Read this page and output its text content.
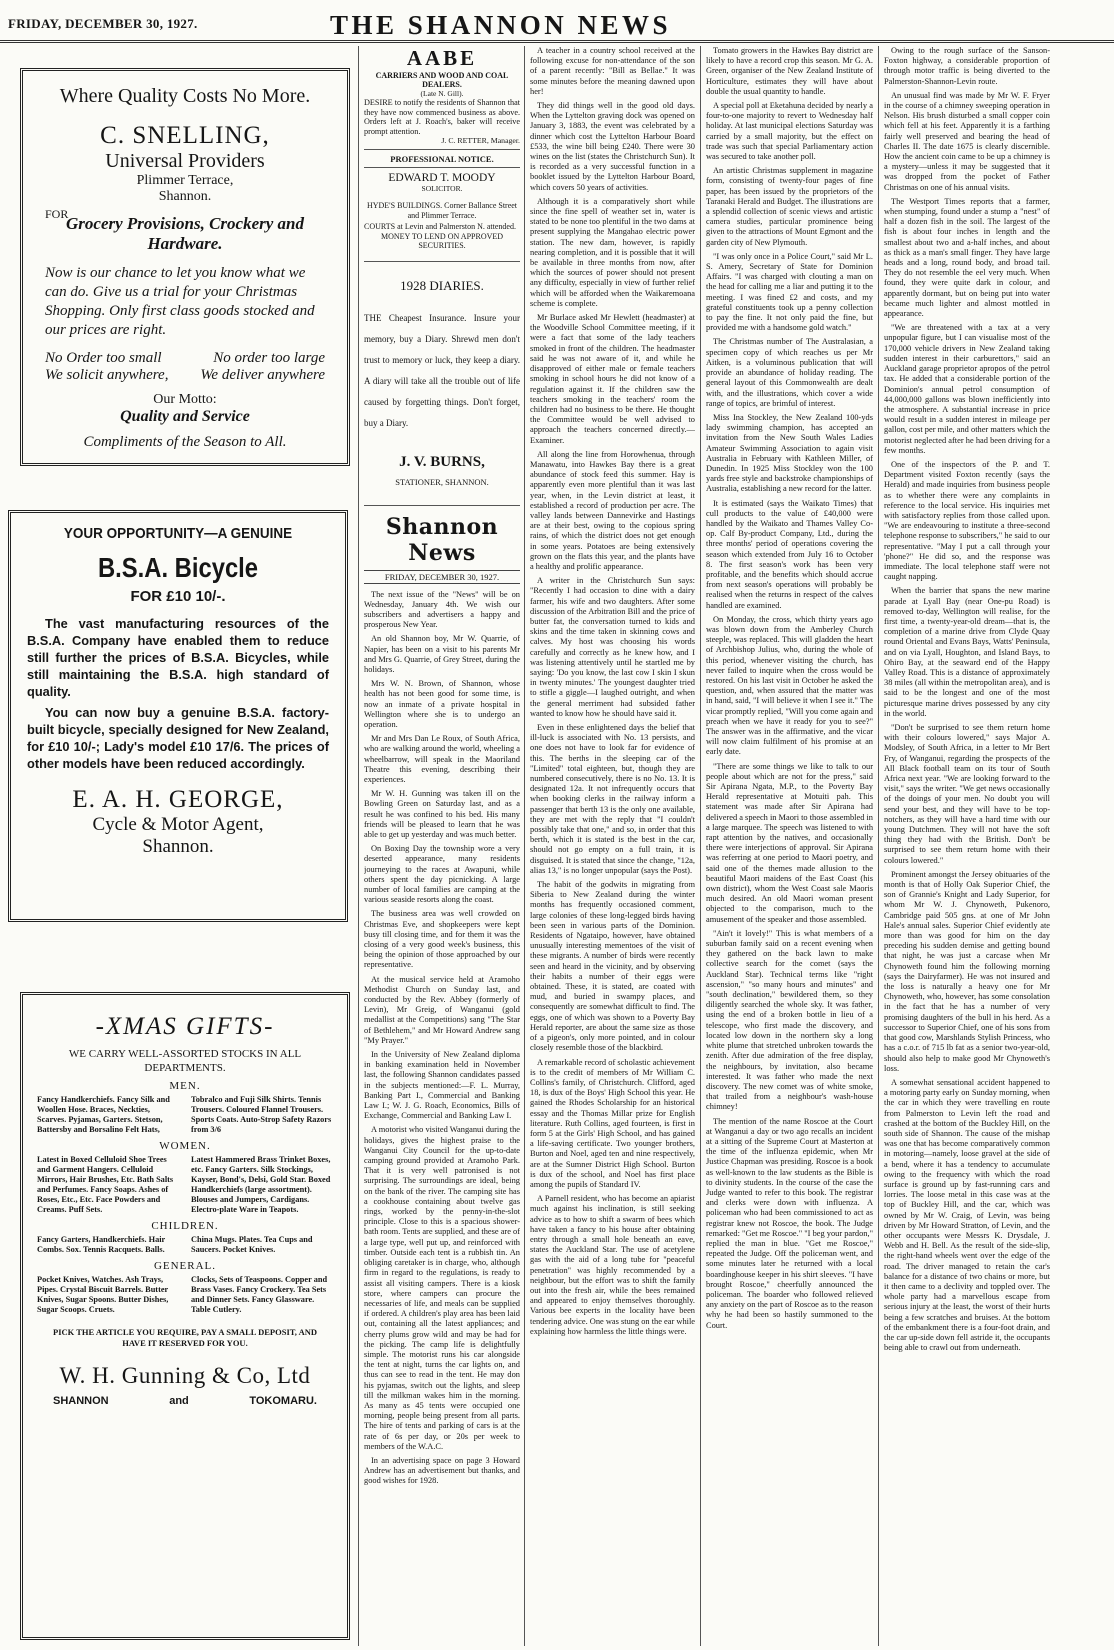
FRIDAY, DECEMBER 30, 1927.	THE SHANNON NEWS
Where Quality Costs No More.
C. SNELLING,
Universal Providers
Plimmer Terrace,
Shannon.
FOR
Grocery Provisions, Crockery and Hardware.
Now is our chance to let you know what we can do. Give us a trial for your Christmas Shopping. Only first class goods stocked and our prices are right.
No Order too small	No order too large
We solicit anywhere, We deliver anywhere
Our Motto:
Quality and Service
Compliments of the Season to All.
YOUR OPPORTUNITY—A GENUINE
B.S.A. Bicycle
FOR £10 10/-.
The vast manufacturing resources of the B.S.A. Company have enabled them to reduce still further the prices of B.S.A. Bicycles, while still maintaining the B.S.A. high standard of quality.
You can now buy a genuine B.S.A. factory-built bicycle, specially designed for New Zealand, for £10 10/-; Lady's model £10 17/6. The prices of other models have been reduced accordingly.
E. A. H. GEORGE,
Cycle & Motor Agent,
Shannon.
-XMAS GIFTS-
WE CARRY WELL-ASSORTED STOCKS IN ALL DEPARTMENTS.
MEN.
Fancy Handkerchiefs. Fancy Silk and Woollen Hose. Braces, Neckties, Scarves. Pyjamas, Garters. Stetson, Battersby and Borsalino Felt Hats,
Tobralco and Fuji Silk Shirts. Tennis Trousers. Coloured Flannel Trousers. Sports Coats. Auto-Strop Safety Razors from 3/6
WOMEN.
Latest in Boxed Celluloid Shoe Trees and Garment Hangers. Celluloid Mirrors, Hair Brushes, Etc. Bath Salts and Perfumes. Fancy Soaps. Ashes of Roses, Etc., Etc. Face Powders and Creams. Puff Sets.
Latest Hammered Brass Trinket Boxes, etc. Fancy Garters. Silk Stockings, Kayser, Bond's, Delsi, Gold Star. Boxed Handkerchiefs (large assortment). Blouses and Jumpers, Cardigans. Electro-plate Ware in Teapots.
CHILDREN.
Fancy Garters, Handkerchiefs. Hair Combs. Sox. Tennis Racquets. Balls.
China Mugs. Plates. Tea Cups and Saucers. Pocket Knives.
GENERAL.
Pocket Knives, Watches. Ash Trays, Pipes. Crystal Biscuit Barrels. Butter Knives, Sugar Spoons. Butter Dishes, Sugar Scoops. Cruets.
Clocks, Sets of Teaspoons. Copper and Brass Vases. Fancy Crockery. Tea Sets and Dinner Sets. Fancy Glassware. Table Cutlery.
PICK THE ARTICLE YOU REQUIRE, PAY A SMALL DEPOSIT, AND HAVE IT RESERVED FOR YOU.
W. H. Gunning & Co, Ltd
SHANNON	and	TOKOMARU.
AABE
CARRIERS AND WOOD AND COAL DEALERS.
(Late N. Gill).
DESIRE to notify the residents of Shannon that they have now commenced business as above. Orders left at J. Roach's, baker will receive prompt attention.
J. C. RETTER, Manager.
PROFESSIONAL NOTICE.
EDWARD T. MOODY
SOLICITOR.
HYDE'S BUILDINGS. Corner Ballance Street and Plimmer Terrace.
COURTS at Levin and Palmerston N. attended.
MONEY TO LEND ON APPROVED SECURITIES.
1928 DIARIES.
THE Cheapest Insurance. Insure your memory, buy a Diary. Shrewd men don't trust to memory or luck, they keep a diary. A diary will take all the trouble out of life caused by forgetting things. Don't forget, buy a Diary.
J. V. BURNS,
STATIONER, SHANNON.
Shannon News
FRIDAY, DECEMBER 30, 1927.

The next issue of the "News" will be on Wednesday, January 4th. We wish our subscribers and advertisers a happy and prosperous New Year.

An old Shannon boy, Mr W. Quarrie, of Napier, has been on a visit to his parents Mr and Mrs G. Quarrie, of Grey Street, during the holidays.

Mrs W. N. Brown, of Shannon, whose health has not been good for some time, is now an inmate of a private hospital in Wellington where she is to undergo an operation.

Mr and Mrs Dan Le Roux, of South Africa, who are walking around the world, wheeling a wheelbarrow, will speak in the Maoriland Theatre this evening, describing their experiences.

Mr W. H. Gunning was taken ill on the Bowling Green on Saturday last, and as a result he was confined to his bed. His many friends will be pleased to learn that he was able to get up yesterday and was much better.

On Boxing Day the township wore a very deserted appearance, many residents journeying to the races at Awapuni, while others spent the day picnicking. A large number of local families are camping at the various seaside resorts along the coast.

The business area was well crowded on Christmas Eve, and shopkeepers were kept busy till closing time, and for them it was the closing of a very good week's business, this being the opinion of those approached by our representative.

At the musical service held at Aramoho Methodist Church on Sunday last, and conducted by the Rev. Abbey (formerly of Levin), Mr Greig, of Wanganui (gold medallist at the Competitions) sang "The Star of Bethlehem," and Mr Howard Andrew sang "My Prayer."

In the University of New Zealand diploma in banking examination held in November last, the following Shannon candidates passed in the subjects mentioned:—F. L. Murray, Banking Part I., Commercial and Banking Law I.; W. J. G. Roach, Economics, Bills of Exchange, Commercial and Banking Law I.

A motorist who visited Wanganui during the holidays, gives the highest praise to the Wanganui City Council for the up-to-date camping ground provided at Aramoho Park. That it is very well patronised is not surprising. The surroundings are ideal, being on the bank of the river. The camping site has a cookhouse containing about twelve gas rings, worked by the penny-in-the-slot principle. Close to this is a spacious shower-bath room. Tents are supplied, and these are of a large type, well put up, and reinforced with timber. Outside each tent is a rubbish tin. An obliging caretaker is in charge, who, although firm in regard to the regulations, is ready to assist all visiting campers. There is a kiosk store, where campers can procure the necessaries of life, and meals can be supplied if ordered. A children's play area has been laid out, containing all the latest appliances; and cherry plums grow wild and may be had for the picking. The camp life is delightfully simple. The motorist runs his car alongside the tent at night, turns the car lights on, and thus can see to read in the tent. He may don his pyjamas, switch out the lights, and sleep till the milkman wakes him in the morning. As many as 45 tents were occupied one morning, people being present from all parts. The hire of tents and parking of cars is at the rate of 6s per day, or 20s per week to members of the W.A.C.

In an advertising space on page 3 Howard Andrew has an advertisement but thanks, and good wishes for 1928.

A teacher in a country school received at the following excuse for non-attendance of the son of a parent recently: "Bill as Bellae." It was some minutes before the meaning dawned upon her!

They did things well in the good old days. When the Lyttelton graving dock was opened on January 3, 1883, the event was celebrated by a dinner which cost the Lyttelton Harbour Board £533, the wine bill being £240. There were 30 wines on the list (states the Christchurch Sun). It is recorded as a very successful function in a booklet issued by the Lyttelton Harbour Board, which covers 50 years of activities.

Although it is a comparatively short while since the fine spell of weather set in, water is stated to be none too plentiful in the two dams at present supplying the Mangahao electric power station. The new dam, however, is rapidly nearing completion, and it is possible that it will be available in three months from now, after which the sources of power should not present any difficulty, especially in view of further relief which will be afforded when the Waikaremoana scheme is complete.

Mr Burlace asked Mr Hewlett (headmaster) at the Woodville School Committee meeting, if it were a fact that some of the lady teachers smoked in front of the children. The headmaster said he was not aware of it, and while he disapproved of either male or female teachers smoking in school hours he did not know of a regulation against it. If the children saw the teachers smoking in the teachers' room the children had no business to be there. He thought the Committee would be well advised to approach the teachers concerned directly.—Examiner.

All along the line from Horowhenua, through Manawatu, into Hawkes Bay there is a great abundance of stock feed this summer. Hay is apparently even more plentiful than it was last year, when, in the Levin district at least, it established a record of production per acre. The valley lands between Dannevirke and Hastings are at their best, owing to the copious spring rains, of which the district does not get enough in some years. Potatoes are being extensively grown on the flats this year, and the plants have a healthy and prolific appearance.

A writer in the Christchurch Sun says: "Recently I had occasion to dine with a dairy farmer, his wife and two daughters. After some discussion of the Arbitration Bill and the price of butter fat, the conversation turned to kids and skins and the time taken in skinning cows and calves. My host was choosing his words carefully and correctly as he knew how, and I was listening attentively until he startled me by saying: 'Do you know, the last cow I skin I skun in twenty minutes.' The youngest daughter tried to stifle a giggle—I laughed outright, and when the general merriment had subsided father wanted to know how he should have said it.

Even in these enlightened days the belief that ill-luck is associated with No. 13 persists, and one does not have to look far for evidence of this. The berths in the sleeping car of the "Limited" total eighteen, but, though they are numbered consecutively, there is no No. 13. It is designated 12a. It not infrequently occurs that when booking clerks in the railway inform a passenger that berth 13 is the only one available, they are met with the reply that "I couldn't possibly take that one," and so, in order that this berth, which it is stated is the best in the car, should not go empty on a full train, it is disguised. It is stated that since the change, "12a, alias 13," is no longer unpopular (says the Post).

The habit of the godwits in migrating from Siberia to New Zealand during the winter months has frequently occasioned comment, large colonies of these long-legged birds having been seen in various parts of the Dominion. Residents of Ngataipo, however, have obtained unusually interesting mementoes of the visit of these migrants. A number of birds were recently seen and heard in the vicinity, and by observing their habits a number of their eggs were obtained. These, it is stated, are coated with mud, and buried in swampy places, and consequently are somewhat difficult to find. The eggs, one of which was shown to a Poverty Bay Herald reporter, are about the same size as those of a pigeon's, only more pointed, and in colour closely resemble those of the blackbird.

A remarkable record of scholastic achievement is to the credit of members of Mr William C. Collins's family, of Christchurch. Clifford, aged 18, is dux of the Boys' High School this year. He gained the Rhodes Scholarship for an historical essay and the Thomas Millar prize for English literature. Ruth Collins, aged fourteen, is first in form 5 at the Girls' High School, and has gained a life-saving certificate. Two younger brothers, Burton and Noel, aged ten and nine respectively, are at the Sumner District High School. Burton is dux of the school, and Noel has first place among the pupils of Standard IV.

A Parnell resident, who has become an apiarist much against his inclination, is still seeking advice as to how to shift a swarm of bees which have taken a fancy to his house after obtaining entry through a small hole beneath an eave, states the Auckland Star. The use of acetylene gas with the aid of a long tube for "peaceful penetration" was highly recommended by a neighbour, but the effort was to shift the family out into the fresh air, while the bees remained and appeared to enjoy themselves thoroughly. Various bee experts in the locality have been tendering advice. One was stung on the ear while explaining how harmless the little things were.

Tomato growers in the Hawkes Bay district are likely to have a record crop this season. Mr G. A. Green, organiser of the New Zealand Institute of Horticulture, estimates they will have about double the usual quantity to handle.

A special poll at Eketahuna decided by nearly a four-to-one majority to revert to Wednesday half holiday. At last municipal elections Saturday was carried by a small majority, but the effect on trade was such that special Parliamentary action was secured to take another poll.

An artistic Christmas supplement in magazine form, consisting of twenty-four pages of fine paper, has been issued by the proprietors of the Taranaki Herald and Budget. The illustrations are a splendid collection of scenic views and artistic camera studies, particular prominence being given to the attractions of Mount Egmont and the garden city of New Plymouth.

"I was only once in a Police Court," said Mr L. S. Amery, Secretary of State for Dominion Affairs. "I was charged with clouting a man on the head for calling me a liar and putting it to the meeting. I was fined £2 and costs, and my grateful constituents took up a penny collection to pay the fine. It not only paid the fine, but provided me with a handsome gold watch."

The Christmas number of The Australasian, a specimen copy of which reaches us per Mr Aitken, is a voluminous publication that will provide an abundance of holiday reading. The general layout of this Commonwealth are dealt with, and the illustrations, which cover a wide range of topics, are brimful of interest.

Miss Ina Stockley, the New Zealand 100-yds lady swimming champion, has accepted an invitation from the New South Wales Ladies Amateur Swimming Association to again visit Australia in February with Kathleen Miller, of Dunedin. In 1925 Miss Stockley won the 100 yards free style and backstroke championships of Australia, establishing a new record for the latter.

It is estimated (says the Waikato Times) that cull products to the value of £40,000 were handled by the Waikato and Thames Valley Co-op. Calf By-product Company, Ltd., during the three months' period of operations covering the season which extended from July 16 to October 8. The first season's work has been very profitable, and the benefits which should accrue from next season's operations will probably be realised when the returns in respect of the calves handled are examined.

On Monday, the cross, which thirty years ago was blown down from the Amberley Church steeple, was replaced. This will gladden the heart of Archbishop Julius, who, during the whole of this period, whenever visiting the church, has never failed to inquire when the cross would be restored. On his last visit in October he asked the question, and, when assured that the matter was in hand, said, "I will believe it when I see it." The vicar promptly replied, "Will you come again and preach when we have it ready for you to see?" The answer was in the affirmative, and the vicar will now claim fulfilment of his promise at an early date.

"There are some things we like to talk to our people about which are not for the press," said Sir Apirana Ngata, M.P., to the Poverty Bay Herald representative at Motuiti pah. This statement was made after Sir Apirana had delivered a speech in Maori to those assembled in a large marquee. The speech was listened to with rapt attention by the natives, and occasionally there were interjections of approval. Sir Apirana was referring at one period to Maori poetry, and said one of the themes made allusion to the beautiful Maori maidens of the East Coast (his own district), whom the West Coast sale Maoris much desired. An old Maori woman present objected to the comparison, much to the amusement of the speaker and those assembled.

"Ain't it lovely!" This is what members of a suburban family said on a recent evening when they gathered on the back lawn to make collective search for the comet (says the Auckland Star). Technical terms like "right ascension," "so many hours and minutes" and "south declination," bewildered them, so they diligently searched the whole sky. It was father, using the end of a broken bottle in lieu of a telescope, who first made the discovery, and located low down in the northern sky a long white plume that stretched unbroken towards the zenith. After due admiration of the free display, the neighbours, by invitation, also became interested. It was father who made the next discovery. The new comet was of white smoke, that trailed from a neighbour's wash-house chimney!

The mention of the name Roscoe at the Court at Wanganui a day or two ago recalls an incident at a sitting of the Supreme Court at Masterton at the time of the influenza epidemic, when Mr Justice Chapman was presiding. Roscoe is a book as well-known to the law students as the Bible is to divinity students. In the course of the case the Judge wanted to refer to this book. The registrar and clerks were down with influenza. A policeman who had been commissioned to act as registrar knew not Roscoe, the book. The Judge remarked: "Get me Roscoe." "I beg your pardon," replied the man in blue. "Get me Roscoe," repeated the Judge. Off the policeman went, and some minutes later he returned with a local boardinghouse keeper in his shirt sleeves. "I have brought Roscoe," cheerfully announced the policeman. The boarder who followed relieved any anxiety on the part of Roscoe as to the reason why he had been so hastily summoned to the Court.

Owing to the rough surface of the Sanson-Foxton highway, a considerable proportion of through motor traffic is being diverted to the Palmerston-Shannon-Levin route.

An unusual find was made by Mr W. F. Fryer in the course of a chimney sweeping operation in Nelson. His brush disturbed a small copper coin which fell at his feet. Apparently it is a farthing fairly well preserved and bearing the head of Charles II. The date 1675 is clearly discernible. How the ancient coin came to be up a chimney is a mystery—unless it may be suggested that it was dropped from the pocket of Father Christmas on one of his annual visits.

The Westport Times reports that a farmer, when stumping, found under a stump a "nest" of half a dozen fish in the soil. The largest of the fish is about four inches in length and the smallest about two and a-half inches, and about as thick as a man's small finger. They have large heads and a long, round body, and broad tail. They do not resemble the eel very much. When found, they were quite dark in colour, and apparently dormant, but on being put into water became much lighter and almost mottled in appearance.

"We are threatened with a tax at a very unpopular figure, but I can visualise most of the 170,000 vehicle drivers in New Zealand taking sudden interest in their carburettors," said an Auckland garage proprietor apropos of the petrol tax. He added that a considerable portion of the Dominion's annual petrol consumption of 44,000,000 gallons was blown inefficiently into the atmosphere. A substantial increase in price would result in a sudden interest in mileage per gallon, cost per mile, and other matters which the motorist neglected after he had been driving for a few months.

One of the inspectors of the P. and T. Department visited Foxton recently (says the Herald) and made inquiries from business people as to whether there were any complaints in reference to the local service. His inquiries met with satisfactory replies from those called upon. "We are endeavouring to institute a three-second telephone response to subscribers," he said to our representative. "May I put a call through your 'phone?" He did so, and the response was immediate. The local telephone staff were not caught napping.

When the barrier that spans the new marine parade at Lyall Bay (near One-pu Road) is removed to-day, Wellington will realise, for the first time, a twenty-year-old dream—that is, the completion of a marine drive from Clyde Quay round Oriental and Evans Bays, Watts' Peninsula, and on via Lyall, Houghton, and Island Bays, to Ohiro Bay, at the seaward end of the Happy Valley Road. This is a distance of approximately 38 miles (all within the metropolitan area), and is said to be the longest and one of the most picturesque marine drives possessed by any city in the world.

"Don't be surprised to see them return home with their colours lowered," says Major A. Modsley, of South Africa, in a letter to Mr Bert Fry, of Wanganui, regarding the prospects of the All Black football team on its tour of South Africa next year. "We are looking forward to the visit," says the writer. "We get news occasionally of the doings of your men. No doubt you will send your best, and they will have to be top-notchers, as they will have a hard time with our young Dutchmen. They will not have the soft thing they had with the British. Don't be surprised to see them return home with their colours lowered."

Prominent amongst the Jersey obituaries of the month is that of Holly Oak Superior Chief, the son of Grannie's Knight and Lady Superior, for whom Mr W. J. Chynoweth, Pukenoro, Cambridge paid 505 gns. at one of Mr John Hale's annual sales. Superior Chief evidently ate more than was good for him on the day preceding his sudden demise and getting bound that night, he was just a carcase when Mr Chynoweth found him the following morning (says the Dairyfarmer). He was not insured and the loss is naturally a heavy one for Mr Chynoweth, who, however, has some consolation in the fact that he has a number of very promising daughters of the bull in his herd. As a successor to Superior Chief, one of his sons from that good cow, Marshlands Stylish Princess, who has a c.o.r. of 715 lb fat as a senior two-year-old, should also help to make good Mr Chynoweth's loss.

A somewhat sensational accident happened to a motoring party early on Sunday morning, when the car in which they were travelling en route from Palmerston to Levin left the road and crashed at the bottom of the Buckley Hill, on the south side of Shannon. The cause of the mishap was one that has become comparatively common in motoring—namely, loose gravel at the side of a bend, where it has a tendency to accumulate owing to the frequency with which the road surface is ground up by fast-running cars and lorries. The loose metal in this case was at the top of Buckley Hill, and the car, which was owned by Mr W. Craig, of Levin, was being driven by Mr Howard Stratton, of Levin, and the other occupants were Messrs K. Drysdale, J. Webb and H. Bell. As the result of the side-slip, the right-hand wheels went over the edge of the road. The driver managed to retain the car's balance for a distance of two chains or more, but it then came to a declivity and toppled over. The whole party had a marvellous escape from serious injury at the least, the worst of their hurts being a few scratches and bruises. At the bottom of the embankment there is a four-foot drain, and the car up-side down fell astride it, the occupants being able to crawl out from underneath.
